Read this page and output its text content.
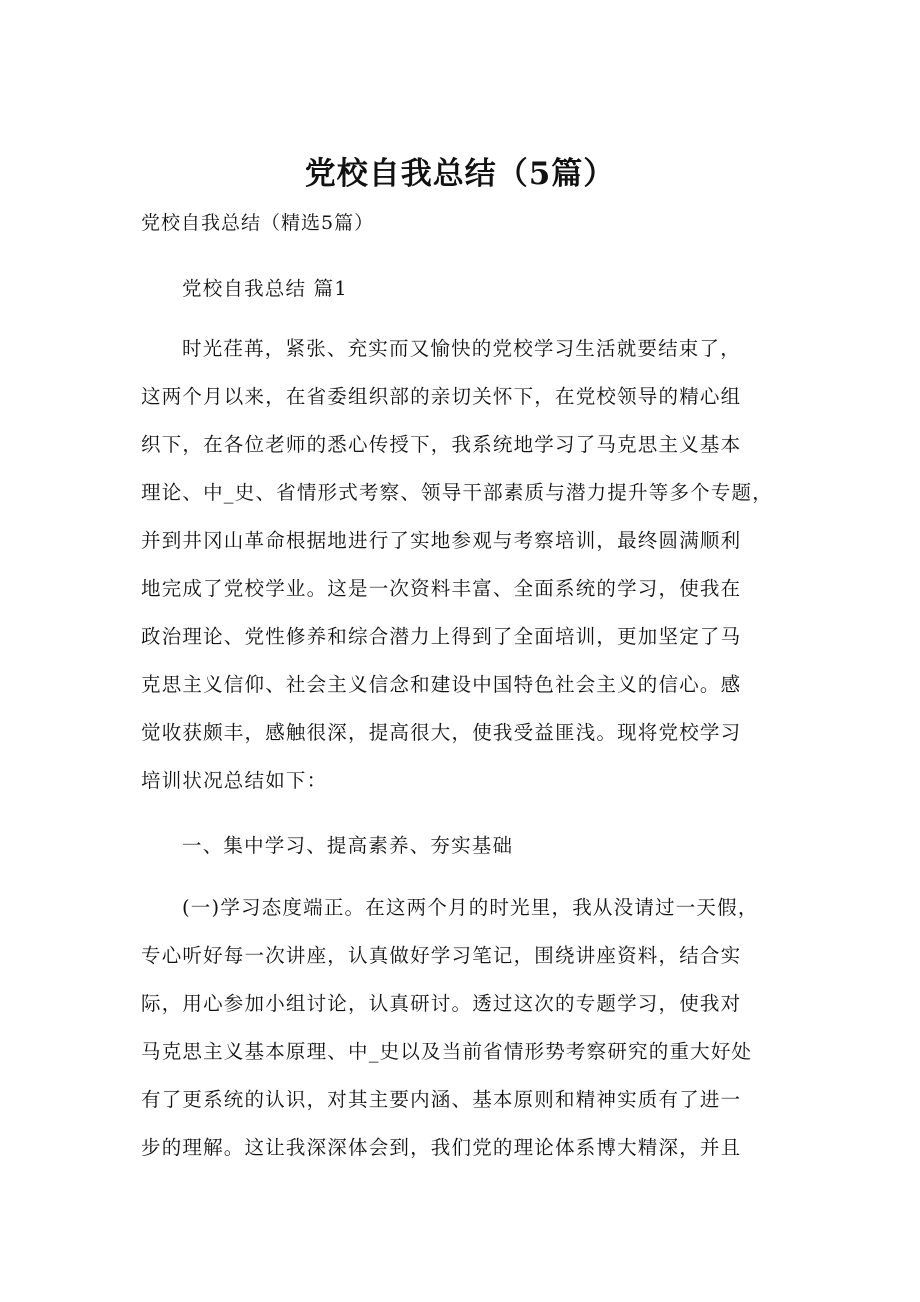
党校自我总结（5篇）

党校自我总结（精选5篇）

党校自我总结 篇1

时光荏苒，紧张、充实而又愉快的党校学习生活就要结束了，
这两个月以来，在省委组织部的亲切关怀下，在党校领导的精心组
织下，在各位老师的悉心传授下，我系统地学习了马克思主义基本
理论、中_史、省情形式考察、领导干部素质与潜力提升等多个专题，
并到井冈山革命根据地进行了实地参观与考察培训，最终圆满顺利
地完成了党校学业。这是一次资料丰富、全面系统的学习，使我在
政治理论、党性修养和综合潜力上得到了全面培训，更加坚定了马
克思主义信仰、社会主义信念和建设中国特色社会主义的信心。感
觉收获颇丰，感触很深，提高很大，使我受益匪浅。现将党校学习
培训状况总结如下：

一、集中学习、提高素养、夯实基础

(一)学习态度端正。在这两个月的时光里，我从没请过一天假，
专心听好每一次讲座，认真做好学习笔记，围绕讲座资料，结合实
际，用心参加小组讨论，认真研讨。透过这次的专题学习，使我对
马克思主义基本原理、中_史以及当前省情形势考察研究的重大好处
有了更系统的认识，对其主要内涵、基本原则和精神实质有了进一
步的理解。这让我深深体会到，我们党的理论体系博大精深，并且
